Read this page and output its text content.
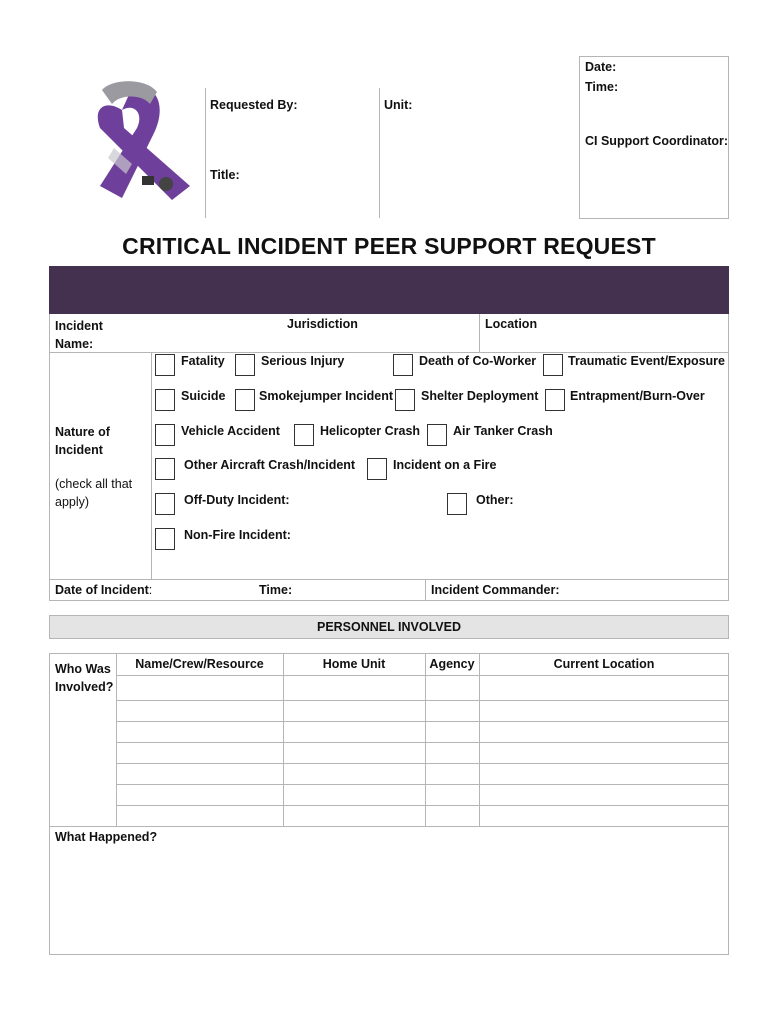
Requested By:	Unit:
Title:
Date:
Time:
CI Support Coordinator:
CRITICAL INCIDENT PEER SUPPORT REQUEST
Incident Name:
Jurisdiction	Location
Nature of Incident
(check all that apply)
Fatality	Serious Injury	Death of Co-Worker	Traumatic Event/Exposure
Suicide	Smokejumper Incident Shelter Deployment	Entrapment/Burn-Over
Vehicle Accident	Helicopter Crash	Air Tanker Crash
Other Aircraft Crash/Incident	Incident on a Fire
Off-Duty Incident:	Other:
Non-Fire Incident:
Date of Incident:	Time:	Incident Commander:
PERSONNEL INVOLVED
Who Was Involved?
Name/Crew/Resource	Home Unit	Agency	Current Location
What Happened?
